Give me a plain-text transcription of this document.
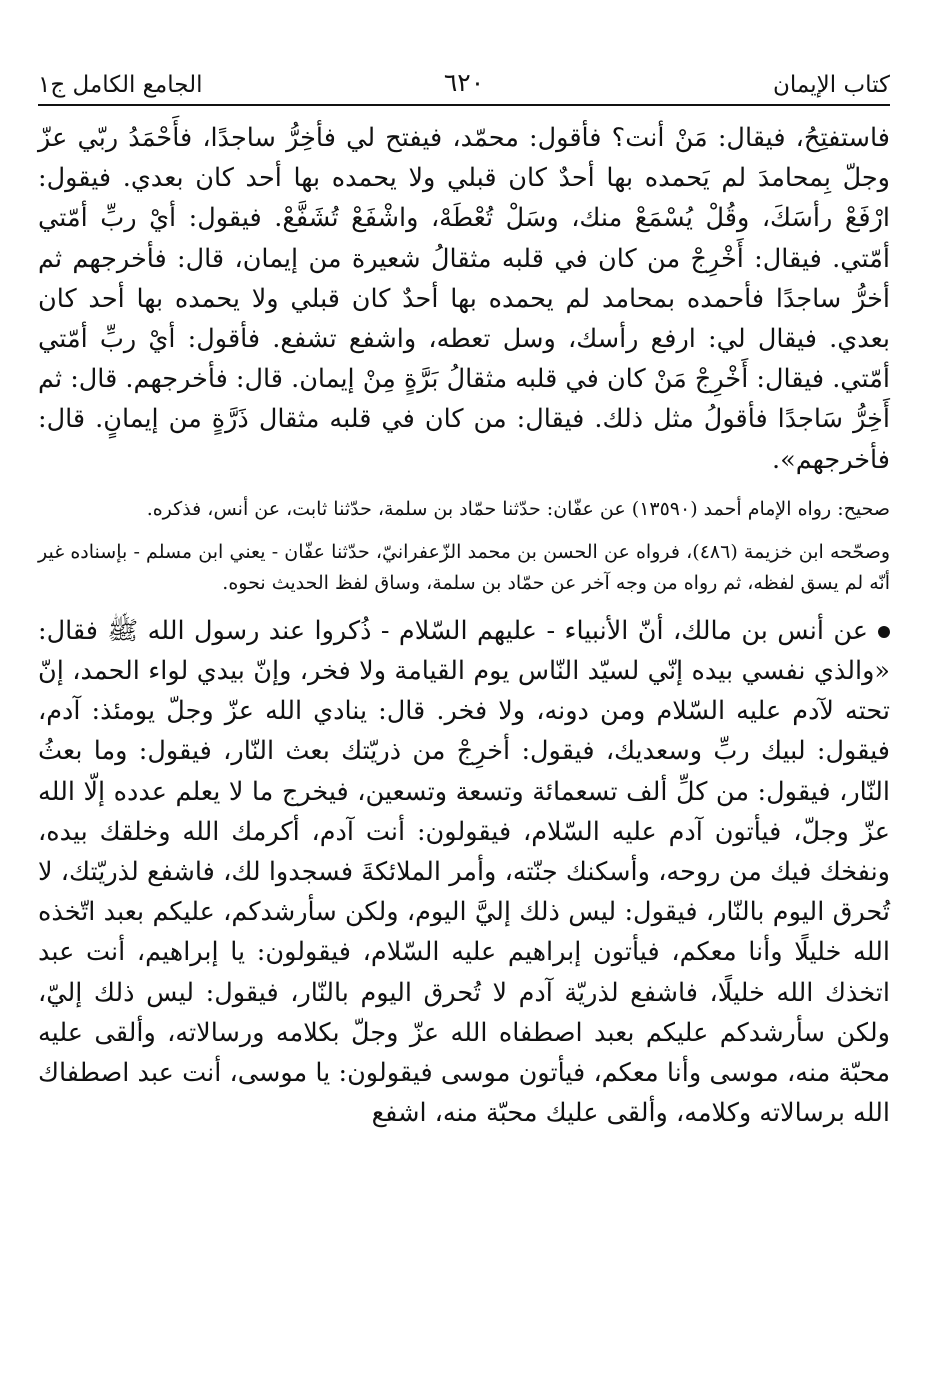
كتاب الإيمان
٦٢٠
الجامع الكامل ج١
فاستفتِحُ، فيقال: مَنْ أنت؟ فأقول: محمّد، فيفتح لي فأخِرُّ ساجدًا، فأَحْمَدُ ربّي عزّ وجلّ بِمحامدَ لم يَحمده بها أحدٌ كان قبلي ولا يحمده بها أحد كان بعدي. فيقول: ارْفَعْ رأسَكَ، وقُلْ يُسْمَعْ منك، وسَلْ تُعْطَهْ، واشْفَعْ تُشَفَّعْ. فيقول: أيْ ربِّ أمّتي أمّتي. فيقال: أَخْرِجْ من كان في قلبه مثقالُ شعيرة من إيمان، قال: فأخرجهم ثم أخرُّ ساجدًا فأحمده بمحامد لم يحمده بها أحدٌ كان قبلي ولا يحمده بها أحد كان بعدي. فيقال لي: ارفع رأسك، وسل تعطه، واشفع تشفع. فأقول: أيْ ربِّ أمّتي أمّتي. فيقال: أَخْرِجْ مَنْ كان في قلبه مثقالُ بَرَّةٍ مِنْ إيمان. قال: فأخرجهم. قال: ثم أَخِرُّ سَاجدًا فأقولُ مثل ذلك. فيقال: من كان في قلبه مثقال ذَرَّةٍ من إيمانٍ. قال: فأخرجهم».

صحيح: رواه الإمام أحمد (١٣٥٩٠) عن عفّان: حدّثنا حمّاد بن سلمة، حدّثنا ثابت، عن أنس، فذكره.

وصحّحه ابن خزيمة (٤٨٦)، فرواه عن الحسن بن محمد الزّعفرانيّ، حدّثنا عفّان - يعني ابن مسلم - بإسناده غير أنّه لم يسق لفظه، ثم رواه من وجه آخر عن حمّاد بن سلمة، وساق لفظ الحديث نحوه.

عن أنس بن مالك، أنّ الأنبياء - عليهم السّلام - ذُكروا عند رسول الله ﷺ فقال: «والذي نفسي بيده إنّي لسيّد النّاس يوم القيامة ولا فخر، وإنّ بيدي لواء الحمد، إنّ تحته لآدم عليه السّلام ومن دونه، ولا فخر. قال: ينادي الله عزّ وجلّ يومئذ: آدم، فيقول: لبيك ربِّ وسعديك، فيقول: أخرِجْ من ذريّتك بعث النّار، فيقول: وما بعثُ النّار، فيقول: من كلِّ ألف تسعمائة وتسعة وتسعين، فيخرج ما لا يعلم عدده إلّا الله عزّ وجلّ، فيأتون آدم عليه السّلام، فيقولون: أنت آدم، أكرمك الله وخلقك بيده، ونفخك فيك من روحه، وأسكنك جنّته، وأمر الملائكةَ فسجدوا لك، فاشفع لذريّتك، لا تُحرق اليوم بالنّار، فيقول: ليس ذلك إليَّ اليوم، ولكن سأرشدكم، عليكم بعبد اتّخذه الله خليلًا وأنا معكم، فيأتون إبراهيم عليه السّلام، فيقولون: يا إبراهيم، أنت عبد اتخذك الله خليلًا، فاشفع لذريّة آدم لا تُحرق اليوم بالنّار، فيقول: ليس ذلك إليّ، ولكن سأرشدكم عليكم بعبد اصطفاه الله عزّ وجلّ بكلامه ورسالاته، وألقى عليه محبّة منه، موسى وأنا معكم، فيأتون موسى فيقولون: يا موسى، أنت عبد اصطفاك الله برسالاته وكلامه، وألقى عليك محبّة منه، اشفع
